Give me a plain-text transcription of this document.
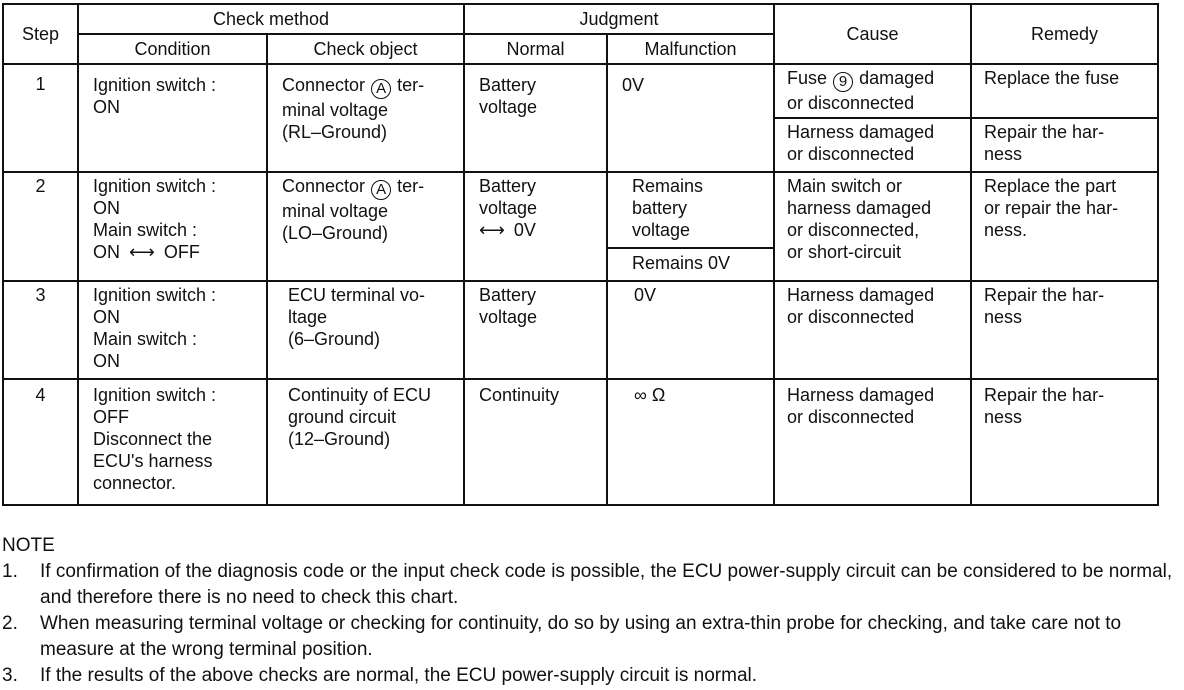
Step	Check method		Judgment		Cause	Remedy
	Condition	Check object	Normal	Malfunction		
1	Ignition switch :
ON	Connector A ter-
minal voltage
(RL–Ground)	Battery
voltage	0V	Fuse 9 damaged
or disconnected	Replace the fuse

					Harness damaged
or disconnected	Repair the har-
ness

2	Ignition switch :
ON
Main switch :
ON ⟷ OFF	Connector A ter-
minal voltage
(LO–Ground)	Battery
voltage
⟷ 0V	Remains
battery
voltage	Main switch or
harness damaged
or disconnected,
or short-circuit	Replace the part
or repair the har-
ness.

				Remains 0V		

3	Ignition switch :
ON
Main switch :
ON	ECU terminal vo-
ltage
(6–Ground)	Battery
voltage	0V	Harness damaged
or disconnected	Repair the har-
ness

4	Ignition switch :
OFF
Disconnect the
ECU's harness
connector.	Continuity of ECU
ground circuit
(12–Ground)	Continuity	∞ Ω	Harness damaged
or disconnected	Repair the har-
ness
NOTE
1.	If confirmation of the diagnosis code or the input check code is possible, the ECU power-supply circuit can be considered to be normal, and therefore there is no need to check this chart.
2.	When measuring terminal voltage or checking for continuity, do so by using an extra-thin probe for checking, and take care not to measure at the wrong terminal position.
3.	If the results of the above checks are normal, the ECU power-supply circuit is normal.
